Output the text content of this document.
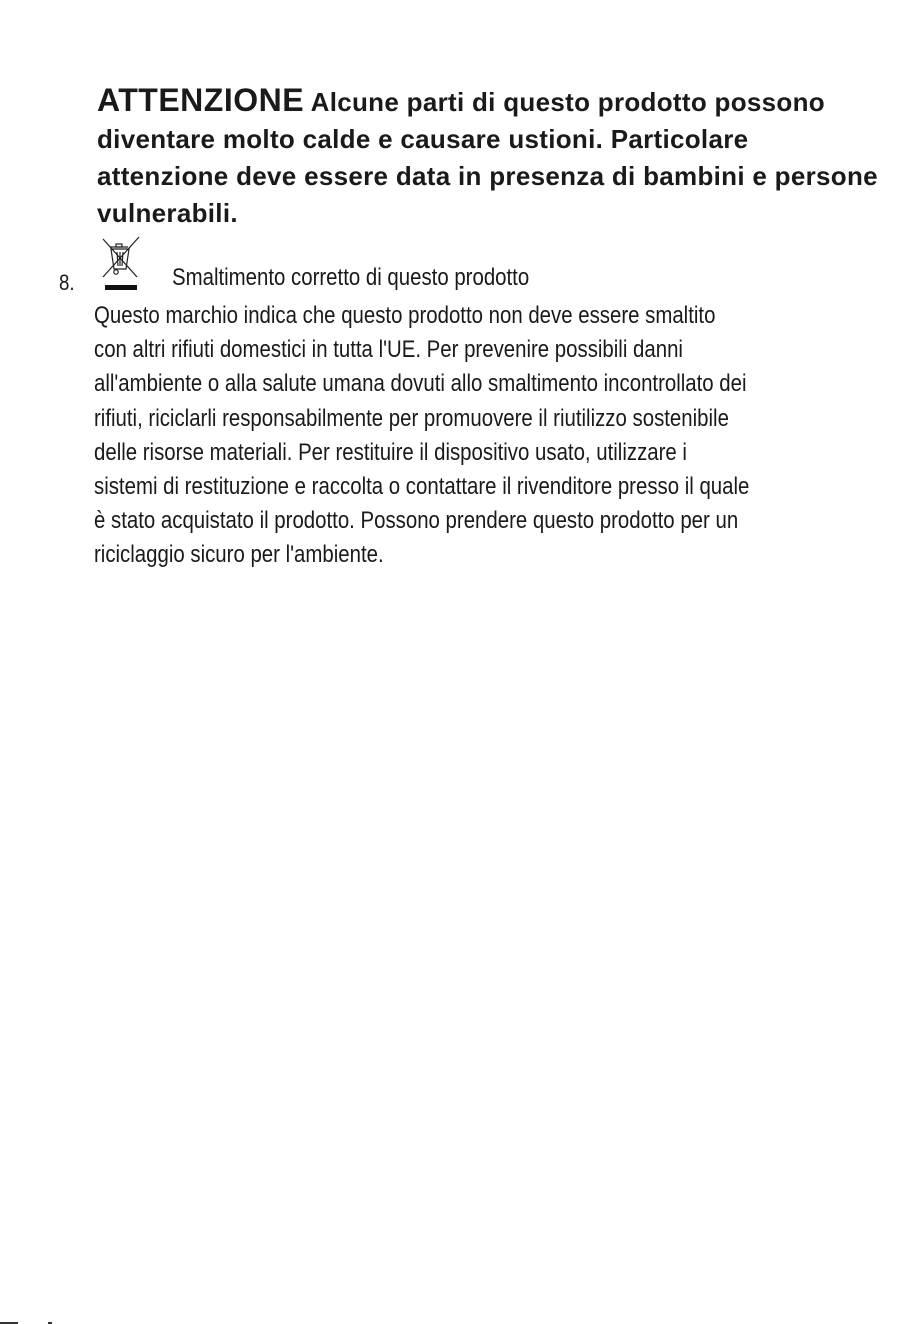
ATTENZIONE Alcune parti di questo prodotto possono diventare molto calde e causare ustioni. Particolare attenzione deve essere data in presenza di bambini e persone vulnerabili.

8.	Smaltimento corretto di questo prodotto
Questo marchio indica che questo prodotto non deve essere smaltito
con altri rifiuti domestici in tutta l'UE. Per prevenire possibili danni
all'ambiente o alla salute umana dovuti allo smaltimento incontrollato dei
rifiuti, riciclarli responsabilmente per promuovere il riutilizzo sostenibile
delle risorse materiali. Per restituire il dispositivo usato, utilizzare i
sistemi di restituzione e raccolta o contattare il rivenditore presso il quale
è stato acquistato il prodotto. Possono prendere questo prodotto per un
riciclaggio sicuro per l'ambiente.
